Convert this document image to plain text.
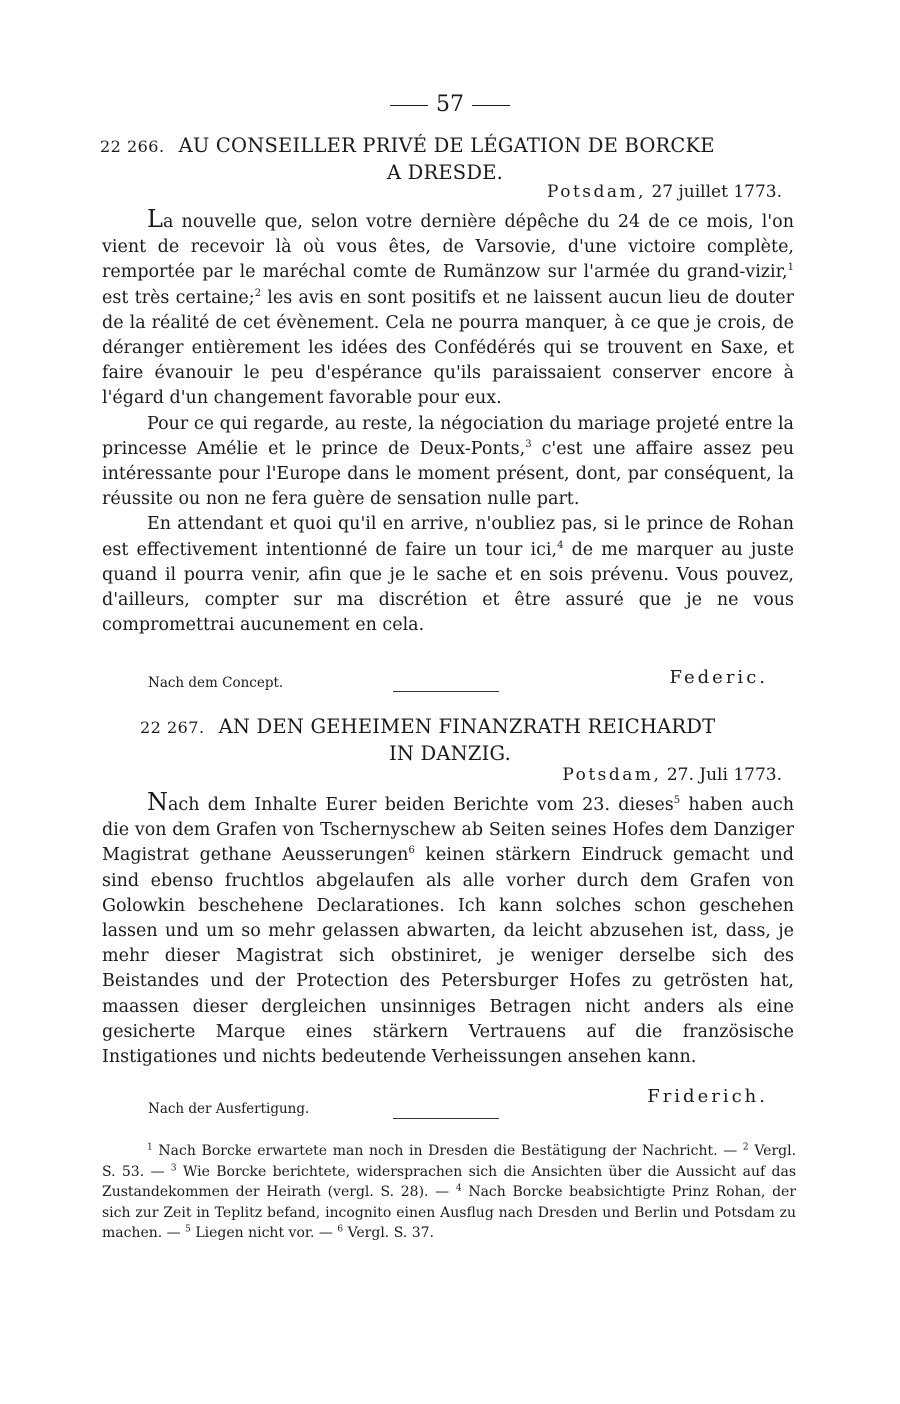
57
22 266. AU CONSEILLER PRIVÉ DE LÉGATION DE BORCKE
A DRESDE.
Potsdam, 27 juillet 1773.

La nouvelle que, selon votre dernière dépêche du 24 de ce mois, l'on vient de recevoir là où vous êtes, de Varsovie, d'une victoire complète, remportée par le maréchal comte de Rumänzow sur l'armée du grand-vizir,$^1$ est très certaine;$^2$ les avis en sont positifs et ne laissent aucun lieu de douter de la réalité de cet évènement. Cela ne pourra manquer, à ce que je crois, de déranger entièrement les idées des Confédérés qui se trouvent en Saxe, et faire évanouir le peu d'espérance qu'ils paraissaient conserver encore à l'égard d'un changement favorable pour eux.

Pour ce qui regarde, au reste, la négociation du mariage projeté entre la princesse Amélie et le prince de Deux-Ponts,$^3$ c'est une affaire assez peu intéressante pour l'Europe dans le moment présent, dont, par conséquent, la réussite ou non ne fera guère de sensation nulle part.

En attendant et quoi qu'il en arrive, n'oubliez pas, si le prince de Rohan est effectivement intentionné de faire un tour ici,$^4$ de me marquer au juste quand il pourra venir, afin que je le sache et en sois prévenu. Vous pouvez, d'ailleurs, compter sur ma discrétion et être assuré que je ne vous compromettrai aucunement en cela.

Nach dem Concept.	Federic.
22 267. AN DEN GEHEIMEN FINANZRATH REICHARDT
IN DANZIG.
Potsdam, 27. Juli 1773.

Nach dem Inhalte Eurer beiden Berichte vom 23. dieses$^5$ haben auch die von dem Grafen von Tschernyschew ab Seiten seines Hofes dem Danziger Magistrat gethane Aeusserungen$^6$ keinen stärkern Eindruck gemacht und sind ebenso fruchtlos abgelaufen als alle vorher durch dem Grafen von Golowkin beschehene Declarationes. Ich kann solches schon geschehen lassen und um so mehr gelassen abwarten, da leicht abzusehen ist, dass, je mehr dieser Magistrat sich obstiniret, je weniger derselbe sich des Beistandes und der Protection des Petersburger Hofes zu getrösten hat, maassen dieser dergleichen unsinniges Betragen nicht anders als eine gesicherte Marque eines stärkern Vertrauens auf die französische Instigationes und nichts bedeutende Verheissungen ansehen kann.

Nach der Ausfertigung.
Friderich.

$^1$ Nach Borcke erwartete man noch in Dresden die Bestätigung der Nachricht. — $^2$ Vergl. S. 53. — $^3$ Wie Borcke berichtete, widersprachen sich die Ansichten über die Aussicht auf das Zustandekommen der Heirath (vergl. S. 28). — $^4$ Nach Borcke beabsichtigte Prinz Rohan, der sich zur Zeit in Teplitz befand, incognito einen Ausflug nach Dresden und Berlin und Potsdam zu machen. — $^5$ Liegen nicht vor. — $^6$ Vergl. S. 37.
